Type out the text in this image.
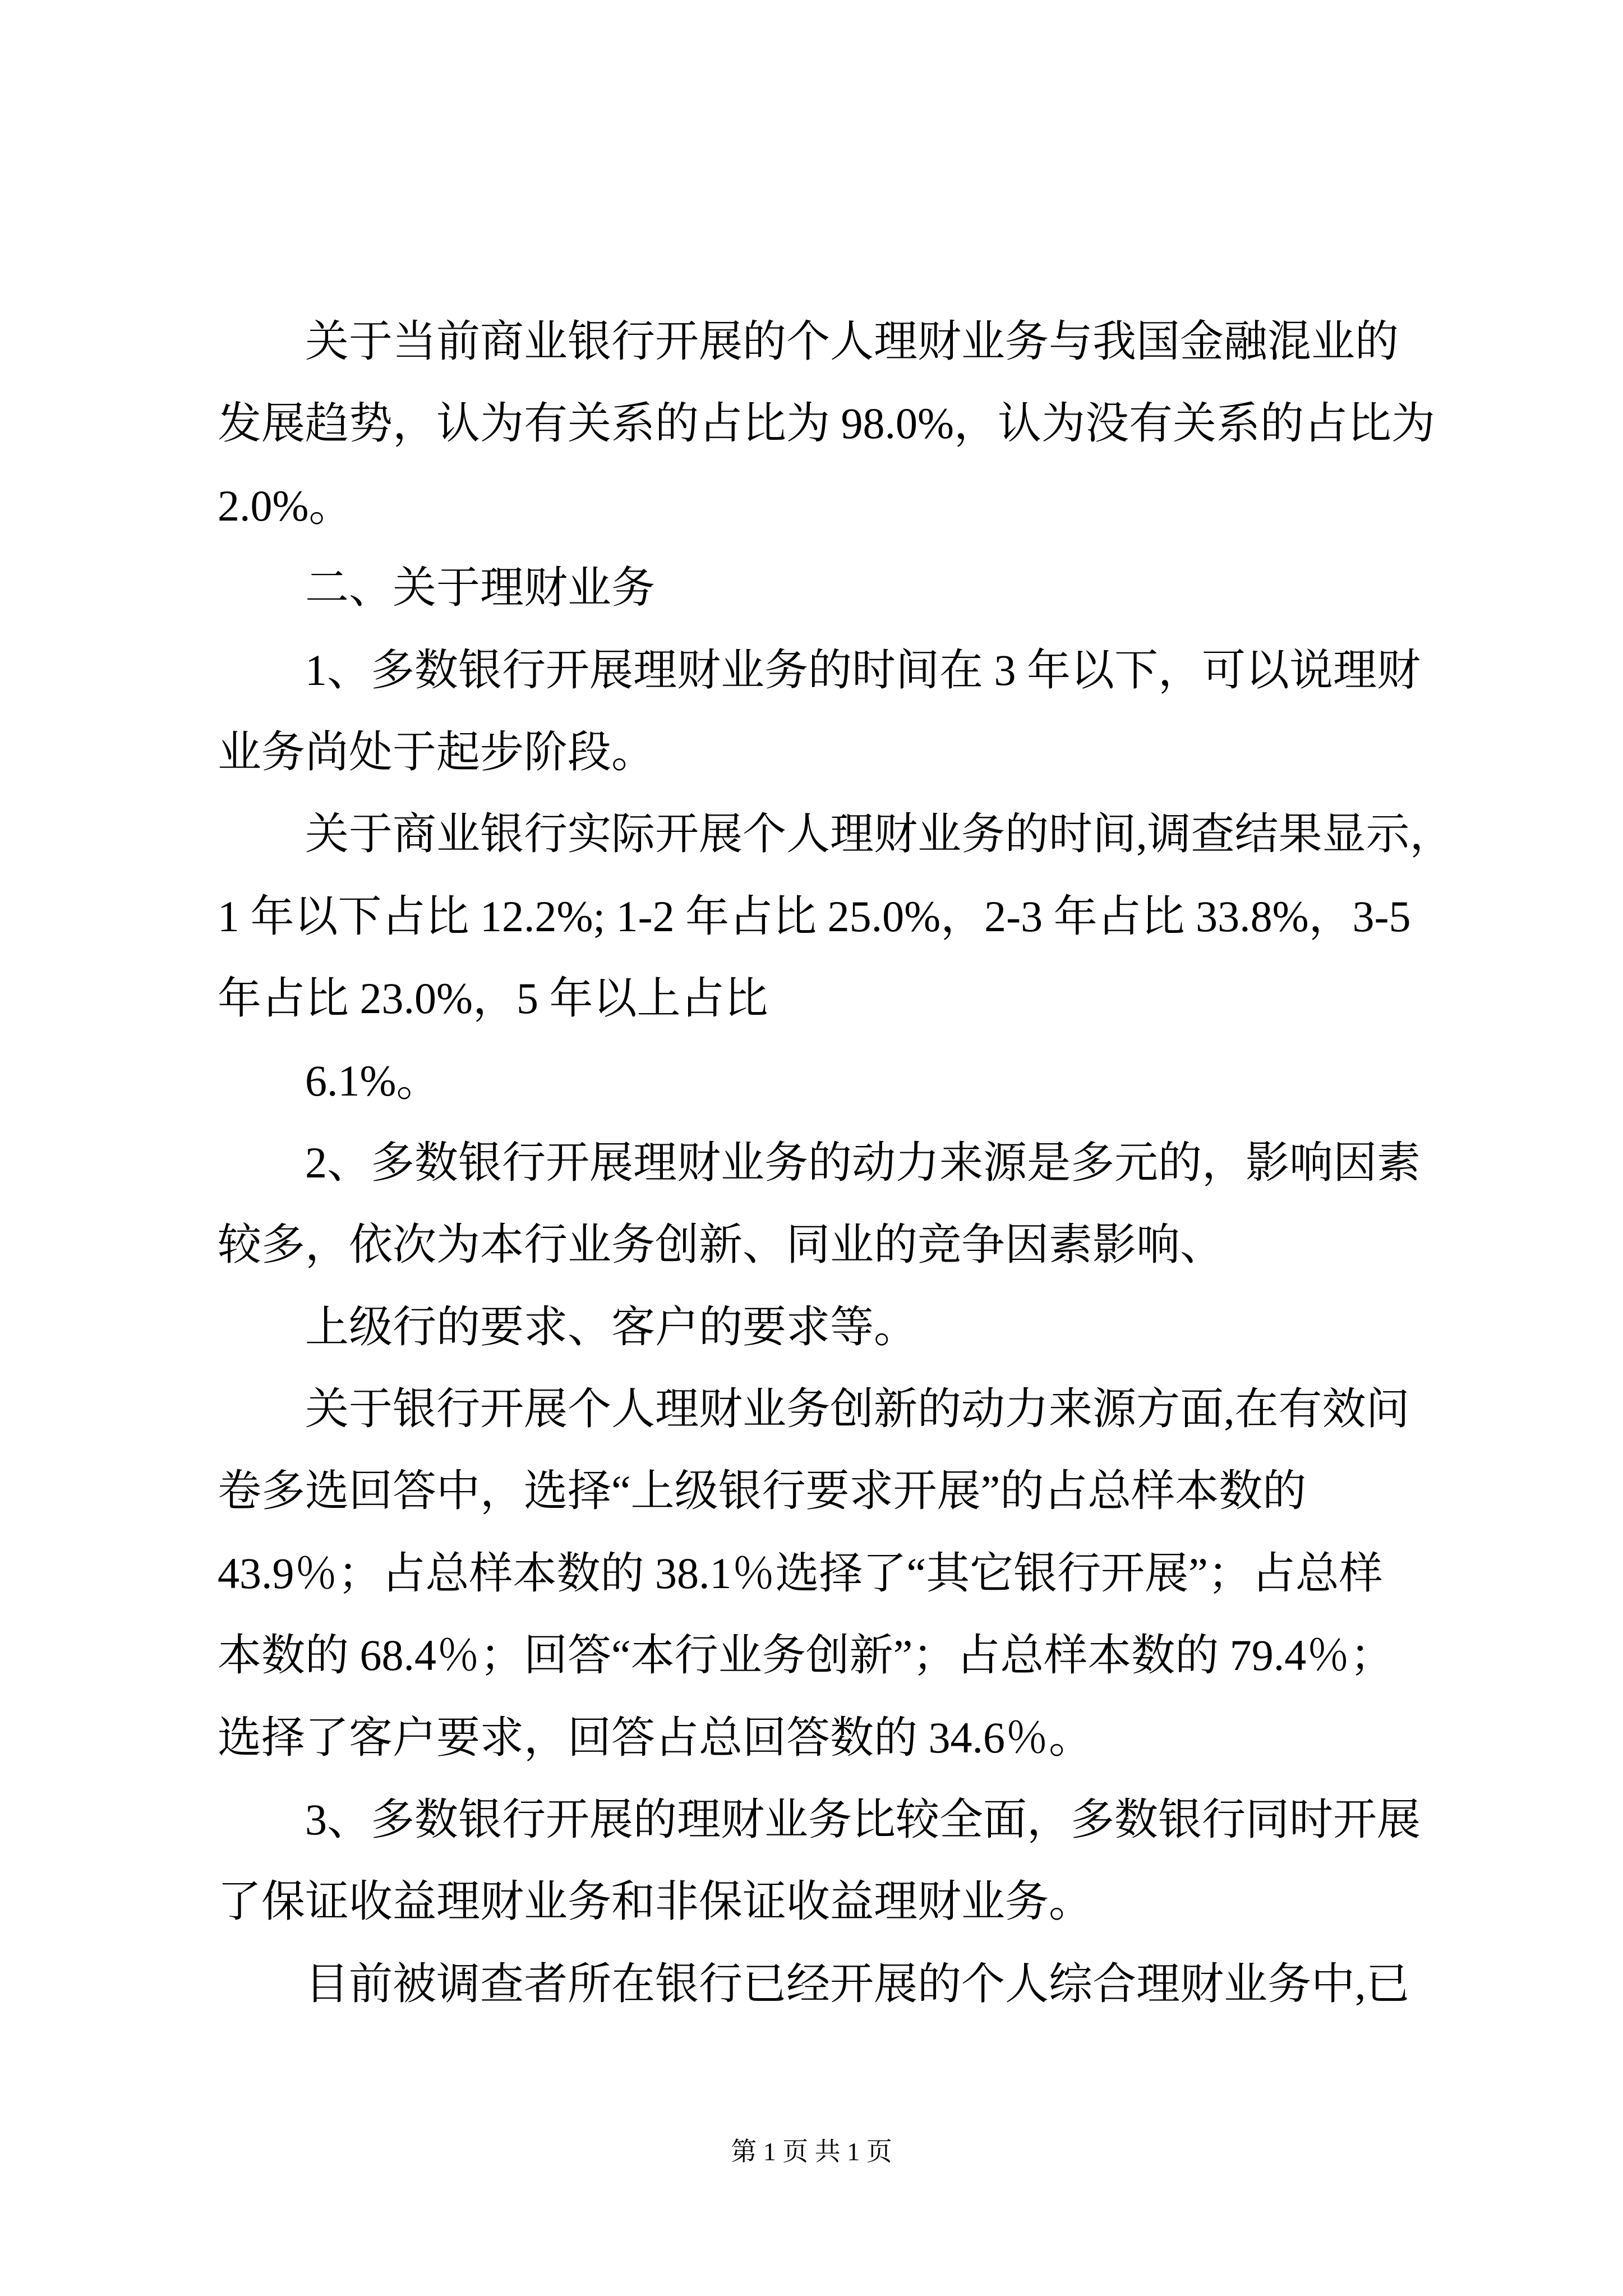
关于当前商业银行开展的个人理财业务与我国金融混业的
发展趋势，认为有关系的占比为 98.0%，认为没有关系的占比为
2.0%。
二、关于理财业务
1、多数银行开展理财业务的时间在 3 年以下，可以说理财
业务尚处于起步阶段。
关于商业银行实际开展个人理财业务的时间,调查结果显示，
1 年以下占比 12.2%; 1-2 年占比 25.0%，2-3 年占比 33.8%，3-5
年占比 23.0%，5 年以上占比
6.1%。
2、多数银行开展理财业务的动力来源是多元的，影响因素
较多，依次为本行业务创新、同业的竞争因素影响、
上级行的要求、客户的要求等。
关于银行开展个人理财业务创新的动力来源方面,在有效问
卷多选回答中，选择“上级银行要求开展”的占总样本数的
43.9％；占总样本数的 38.1％选择了“其它银行开展”；占总样
本数的 68.4％；回答“本行业务创新”；占总样本数的 79.4％；
选择了客户要求，回答占总回答数的 34.6％。
3、多数银行开展的理财业务比较全面，多数银行同时开展
了保证收益理财业务和非保证收益理财业务。
目前被调查者所在银行已经开展的个人综合理财业务中,已
第 1 页 共 1 页
